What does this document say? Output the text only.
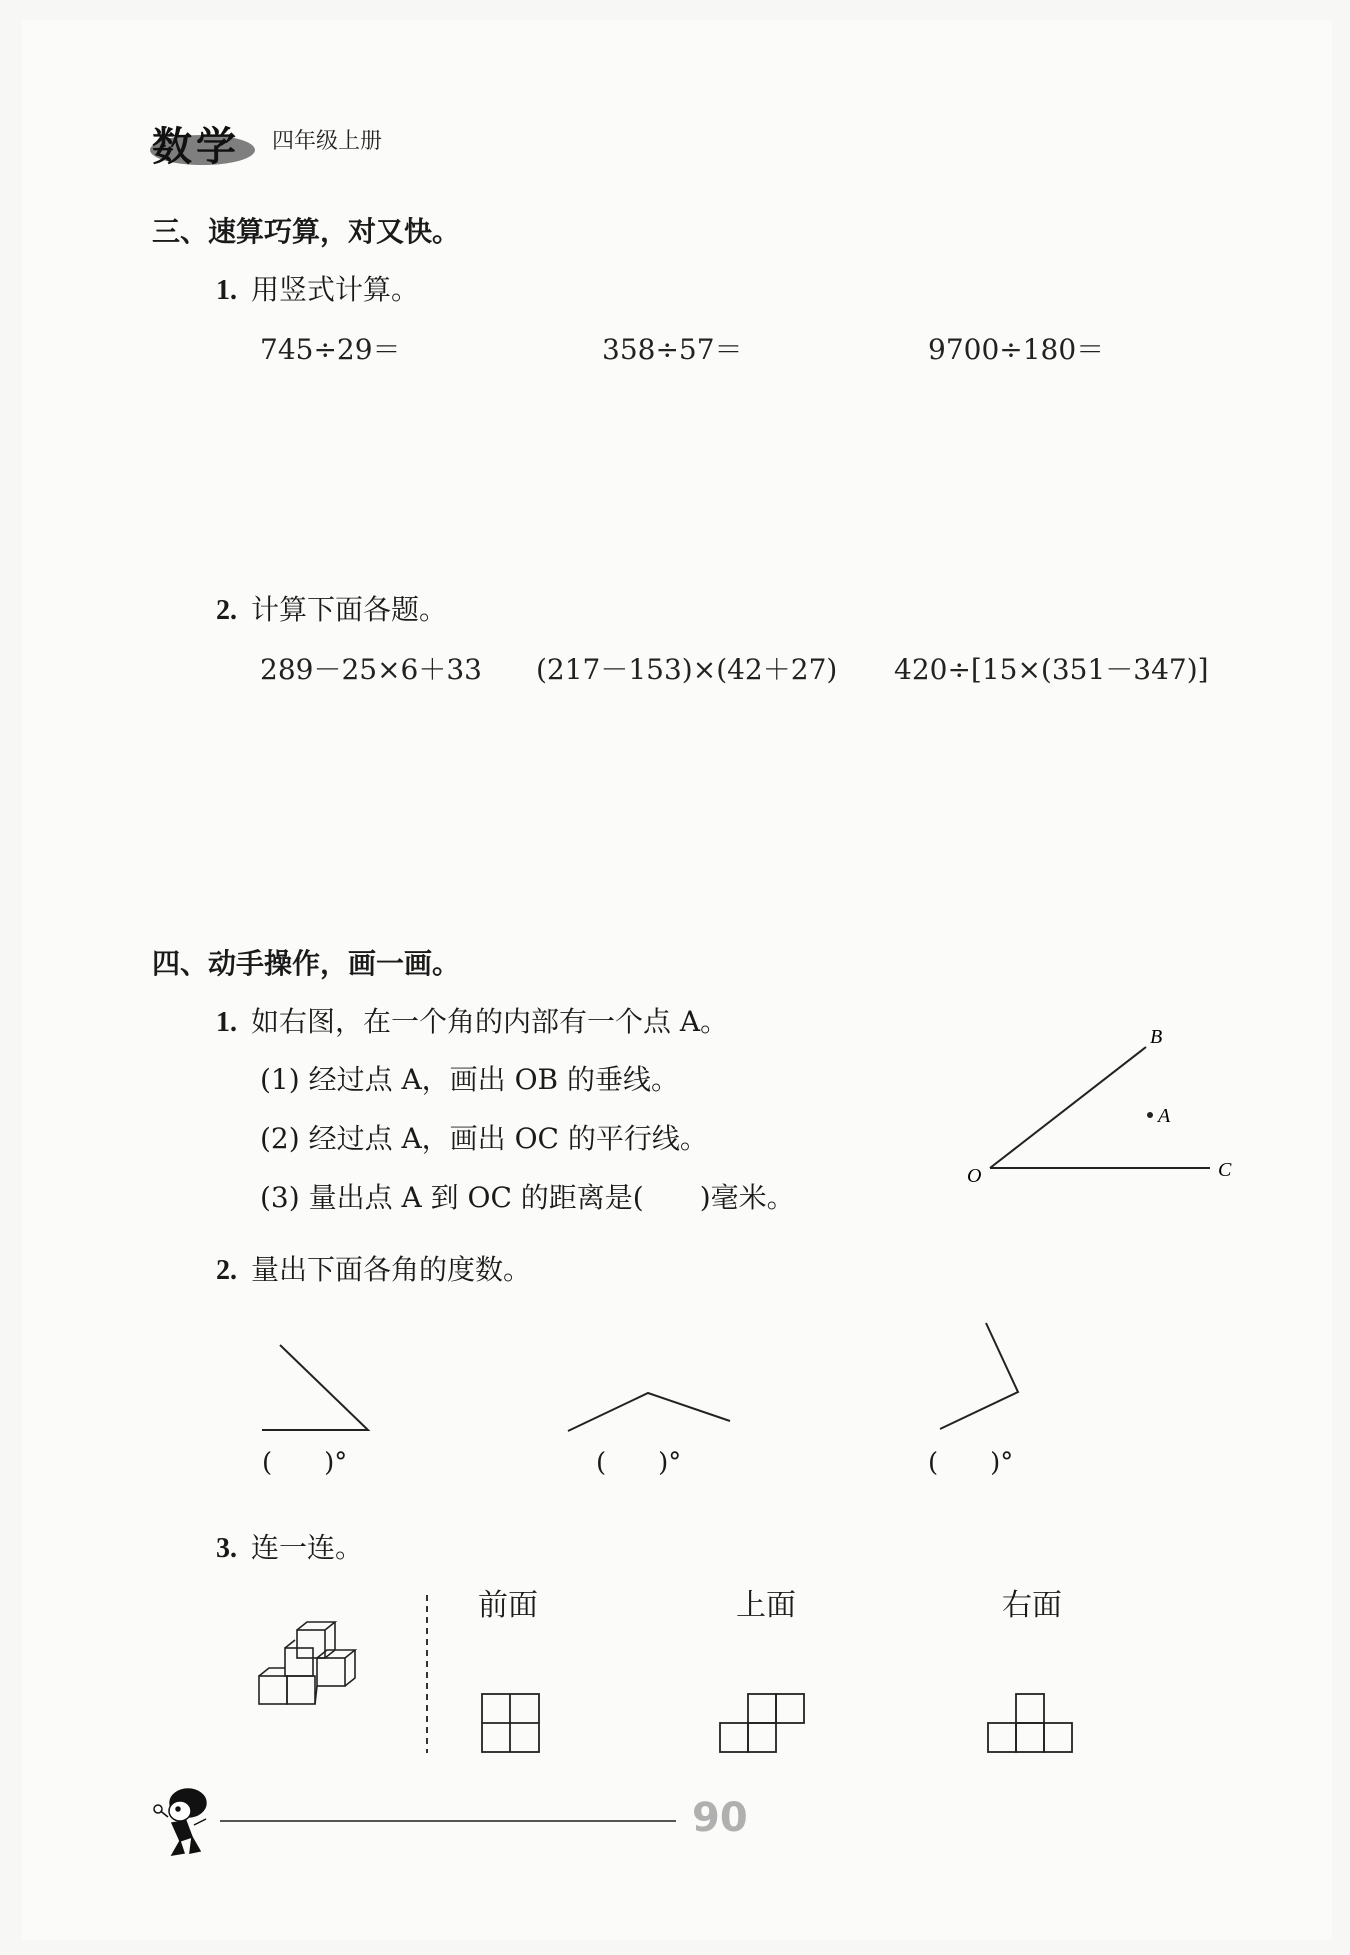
数学 四年级上册
三、速算巧算，对又快。
1. 用竖式计算。
745÷29＝	358÷57＝	9700÷180＝
2. 计算下面各题。
289－25×6＋33 (217－153)×(42＋27) 420÷[15×(351－347)]
四、动手操作，画一画。
1. 如右图，在一个角的内部有一个点 A。
(1) 经过点 A，画出 OB 的垂线。
(2) 经过点 A，画出 OC 的平行线。
(3) 量出点 A 到 OC 的距离是(　　)毫米。
B
A
O	C
2. 量出下面各角的度数。
(　　)°	(　　)°	(　　)°
3. 连一连。
前面	上面	右面
90
